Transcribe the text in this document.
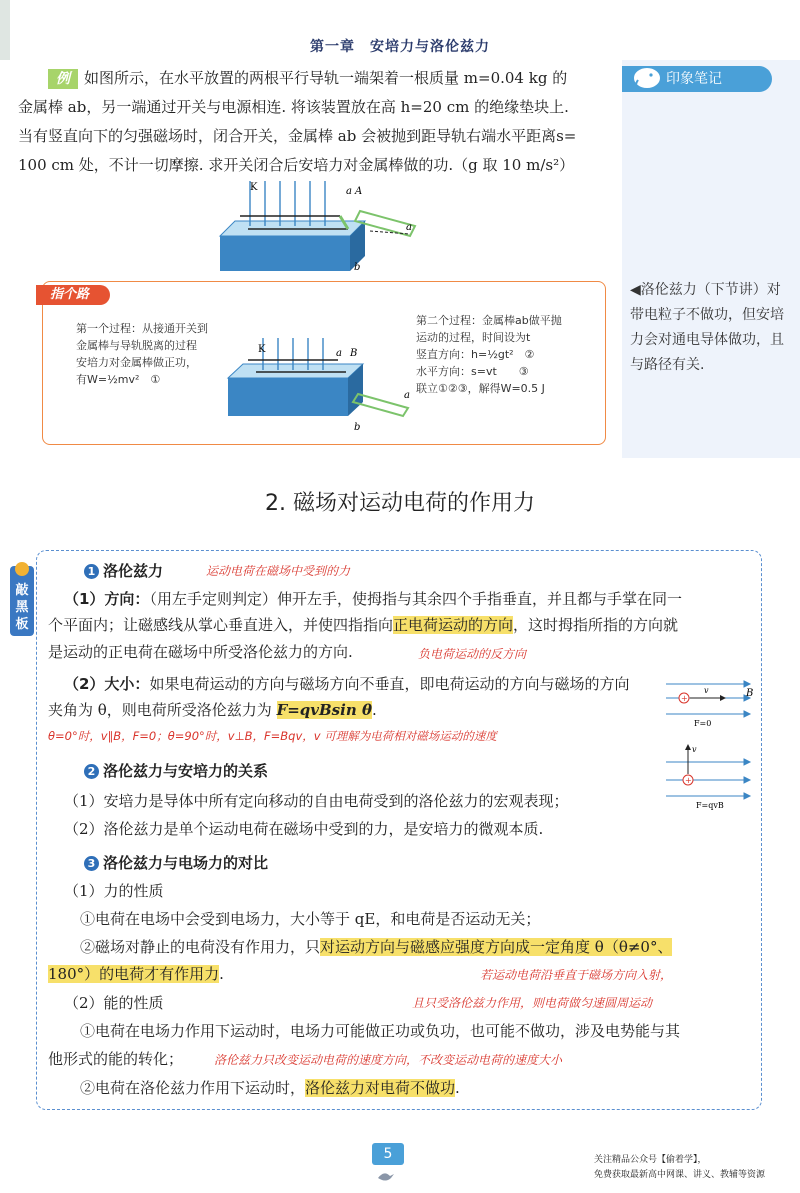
第一章　安培力与洛伦兹力
印象笔记
◀洛伦兹力（下节讲）对带电粒子不做功，但安培力会对通电导体做功，且与路径有关.
例 如图所示，在水平放置的两根平行导轨一端架着一根质量 m=0.04 kg 的
金属棒 ab，另一端通过开关与电源相连. 将该装置放在高 h=20 cm 的绝缘垫块上.
当有竖直向下的匀强磁场时，闭合开关，金属棒 ab 会被抛到距导轨右端水平距离s=
100 cm 处，不计一切摩擦. 求开关闭合后安培力对金属棒做的功.（g 取 10 m/s²）
K	a A
a
b
指个路
第一个过程：从接通开关到
金属棒与导轨脱离的过程
安培力对金属棒做正功，
有W=½mv²　①
第二个过程：金属棒ab做平抛
运动的过程，时间设为t
竖直方向：h=½gt²　②
水平方向：s=vt　　③
联立①②③，解得W=0.5 J
K	a B
a
b
2. 磁场对运动电荷的作用力
敲黑板
1 洛伦兹力	运动电荷在磁场中受到的力
（1）方向：（用左手定则判定）伸开左手，使拇指与其余四个手指垂直，并且都与手掌在同一
个平面内；让磁感线从掌心垂直进入，并使四指指向正电荷运动的方向，这时拇指所指的方向就
是运动的正电荷在磁场中所受洛伦兹力的方向.	负电荷运动的反方向
（2）大小：如果电荷运动的方向与磁场方向不垂直，即电荷运动的方向与磁场的方向
夹角为 θ，则电荷所受洛伦兹力为 F=qvBsin θ.
θ=0°时，v∥B，F=0；θ=90°时，v⊥B，F=Bqv，v 可理解为电荷相对磁场运动的速度
+
+
B
v
F=0
v
F=qvB
2 洛伦兹力与安培力的关系
（1）安培力是导体中所有定向移动的自由电荷受到的洛伦兹力的宏观表现；
（2）洛伦兹力是单个运动电荷在磁场中受到的力，是安培力的微观本质.
3 洛伦兹力与电场力的对比
（1）力的性质
①电荷在电场中会受到电场力，大小等于 qE，和电荷是否运动无关；
②磁场对静止的电荷没有作用力，只对运动方向与磁感应强度方向成一定角度 θ（θ≠0°、
180°）的电荷才有作用力.	若运动电荷沿垂直于磁场方向入射，
且只受洛伦兹力作用，则电荷做匀速圆周运动
（2）能的性质
①电荷在电场力作用下运动时，电场力可能做正功或负功，也可能不做功，涉及电势能与其
他形式的能的转化；	洛伦兹力只改变运动电荷的速度方向，不改变运动电荷的速度大小
②电荷在洛伦兹力作用下运动时，洛伦兹力对电荷不做功.
5	关注精品公众号【偷着学】，
免费获取最新高中网课、讲义、教辅等资源
